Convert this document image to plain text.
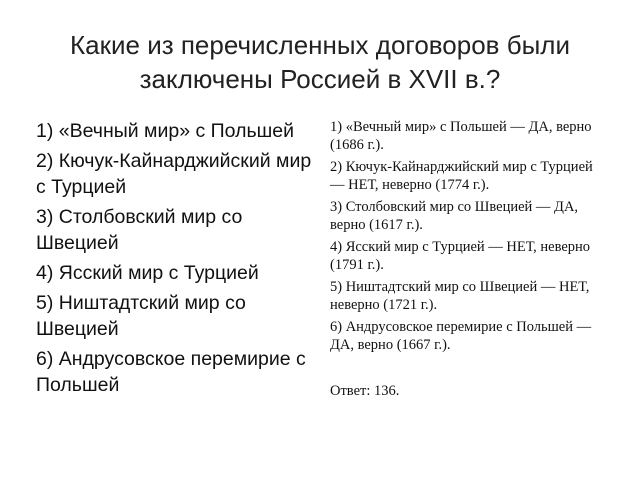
Какие из перечисленных договоров были заключены Россией в XVII в.?
1) «Вечный мир» с Польшей
2) Кючук-Кайнарджийский мир с Турцией
3) Столбовский мир со Швецией
4) Ясский мир с Турцией
5) Ништадтский мир со Швецией
6) Андрусовское перемирие с Польшей
1) «Вечный мир» с Польшей — ДА, верно (1686 г.).
2) Кючук-Кайнарджийский мир с Турцией — НЕТ, неверно (1774 г.).
3) Столбовский мир со Швецией — ДА, верно (1617 г.).
4) Ясский мир с Турцией — НЕТ, неверно (1791 г.).
5) Ништадтский мир со Швецией — НЕТ, неверно (1721 г.).
6) Андрусовское перемирие с Польшей — ДА, верно (1667 г.).
Ответ: 136.
